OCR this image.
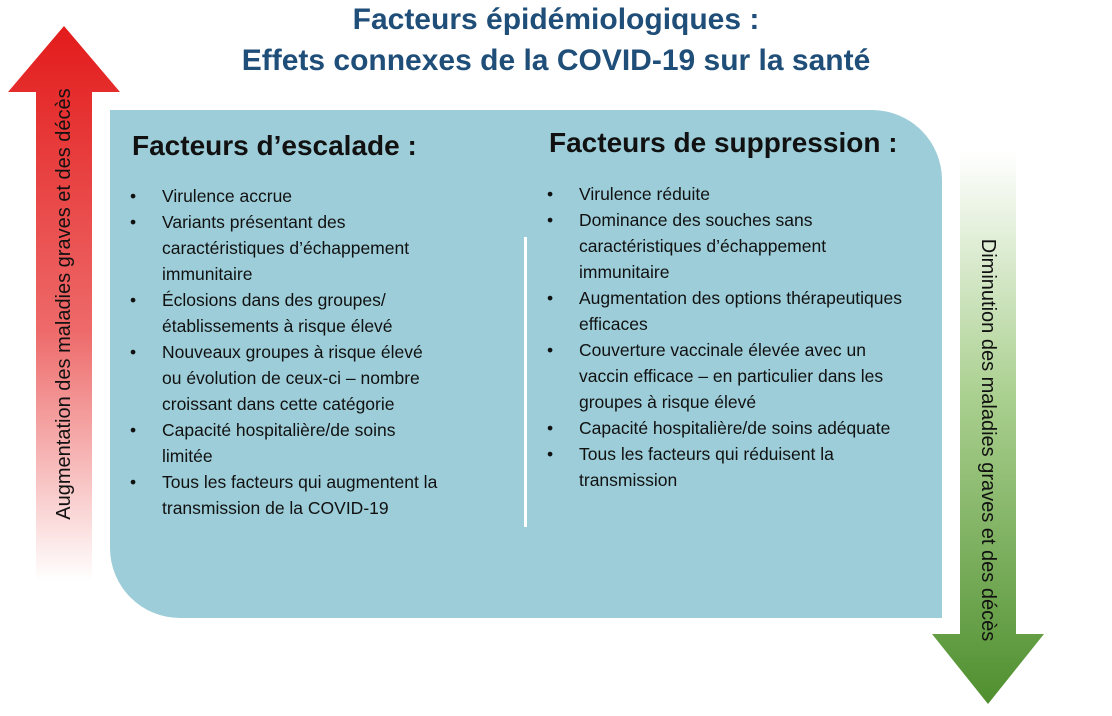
Facteurs épidémiologiques :
Effets connexes de la COVID-19 sur la santé
Augmentation des maladies graves et des décès Facteurs d’escalade :
• Virulence accrue
• Variants présentant des caractéristiques d’échappement immunitaire
• Éclosions dans des groupes/établissements à risque élevé
• Nouveaux groupes à risque élevé ou évolution de ceux-ci – nombre croissant dans cette catégorie
• Capacité hospitalière/de soins limitée
• Tous les facteurs qui augmentent la transmission de la COVID-19
Facteurs de suppression :
• Virulence réduite
• Dominance des souches sans caractéristiques d’échappement immunitaire
• Augmentation des options thérapeutiques efficaces
• Couverture vaccinale élevée avec un vaccin efficace – en particulier dans les groupes à risque élevé
• Capacité hospitalière/de soins adéquate
• Tous les facteurs qui réduisent la transmission	Diminution des maladies graves et des décès
